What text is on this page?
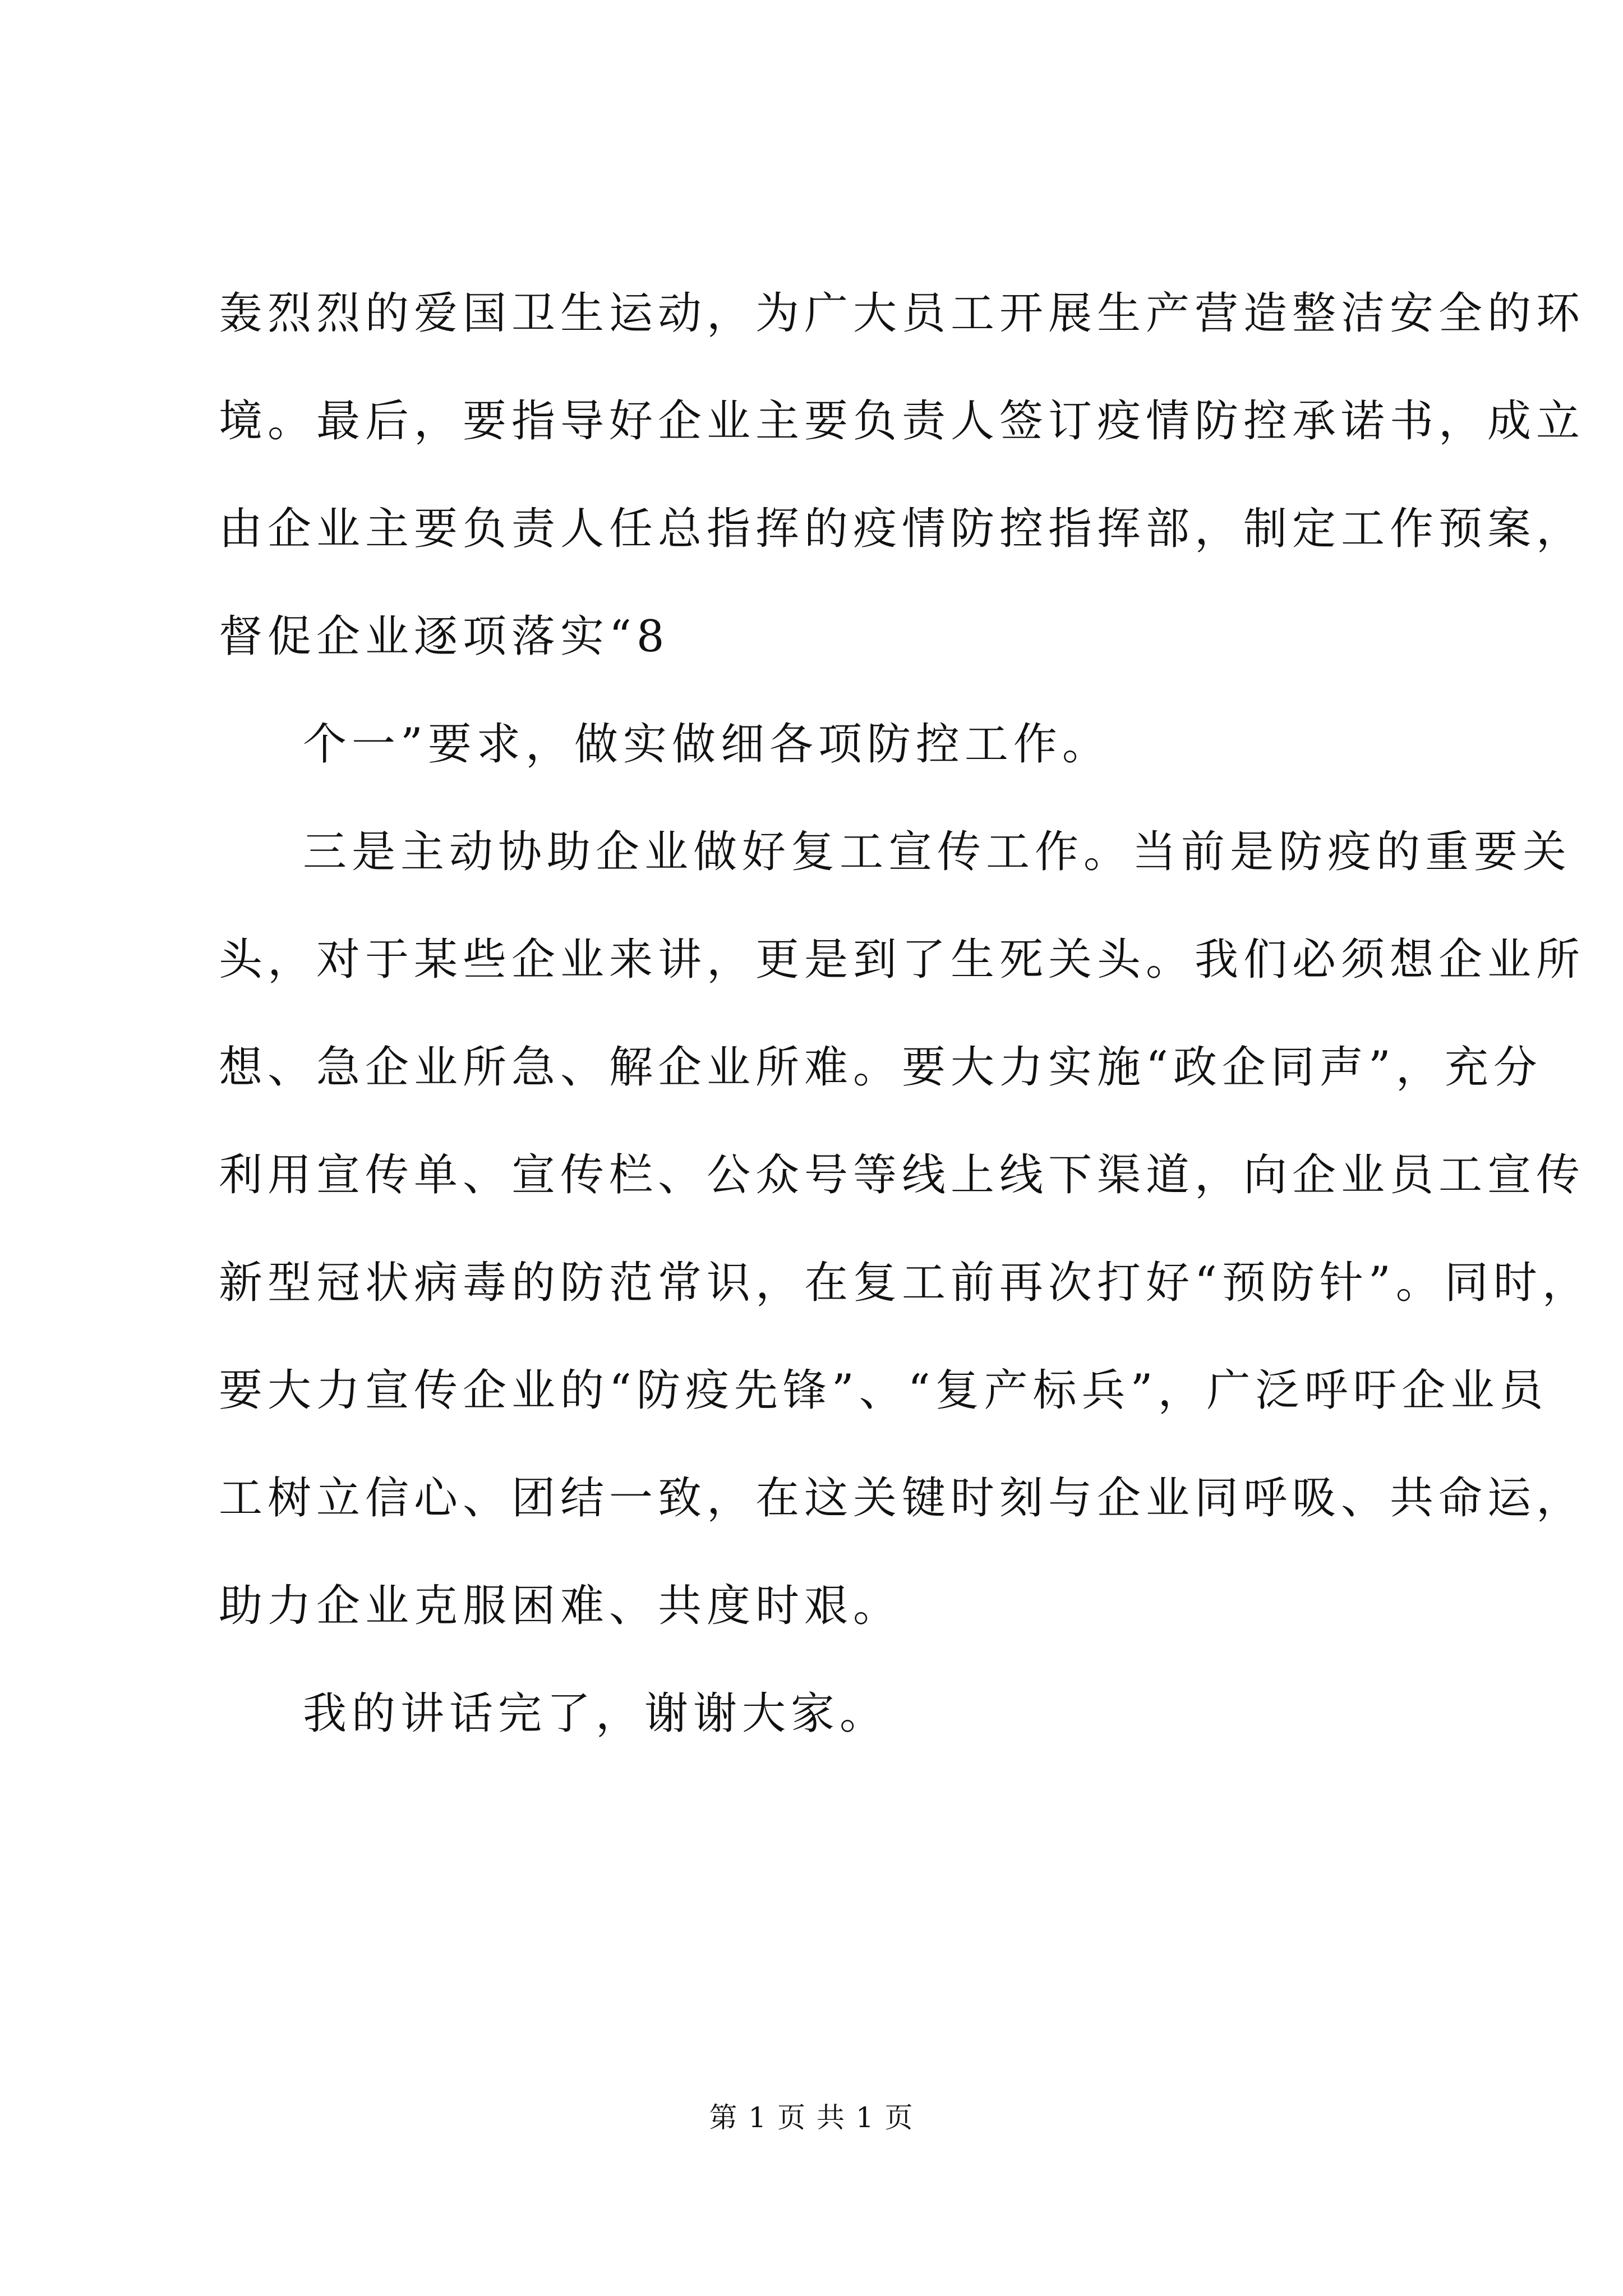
轰烈烈的爱国卫生运动，为广大员工开展生产营造整洁安全的环
境。最后，要指导好企业主要负责人签订疫情防控承诺书，成立
由企业主要负责人任总指挥的疫情防控指挥部，制定工作预案，
督促企业逐项落实“8
个一”要求，做实做细各项防控工作。
三是主动协助企业做好复工宣传工作。当前是防疫的重要关
头，对于某些企业来讲，更是到了生死关头。我们必须想企业所
想、急企业所急、解企业所难。要大力实施“政企同声”，充分
利用宣传单、宣传栏、公众号等线上线下渠道，向企业员工宣传
新型冠状病毒的防范常识，在复工前再次打好“预防针”。同时，
要大力宣传企业的“防疫先锋”、“复产标兵”，广泛呼吁企业员
工树立信心、团结一致，在这关键时刻与企业同呼吸、共命运，
助力企业克服困难、共度时艰。
我的讲话完了，谢谢大家。
第 1 页 共 1 页
